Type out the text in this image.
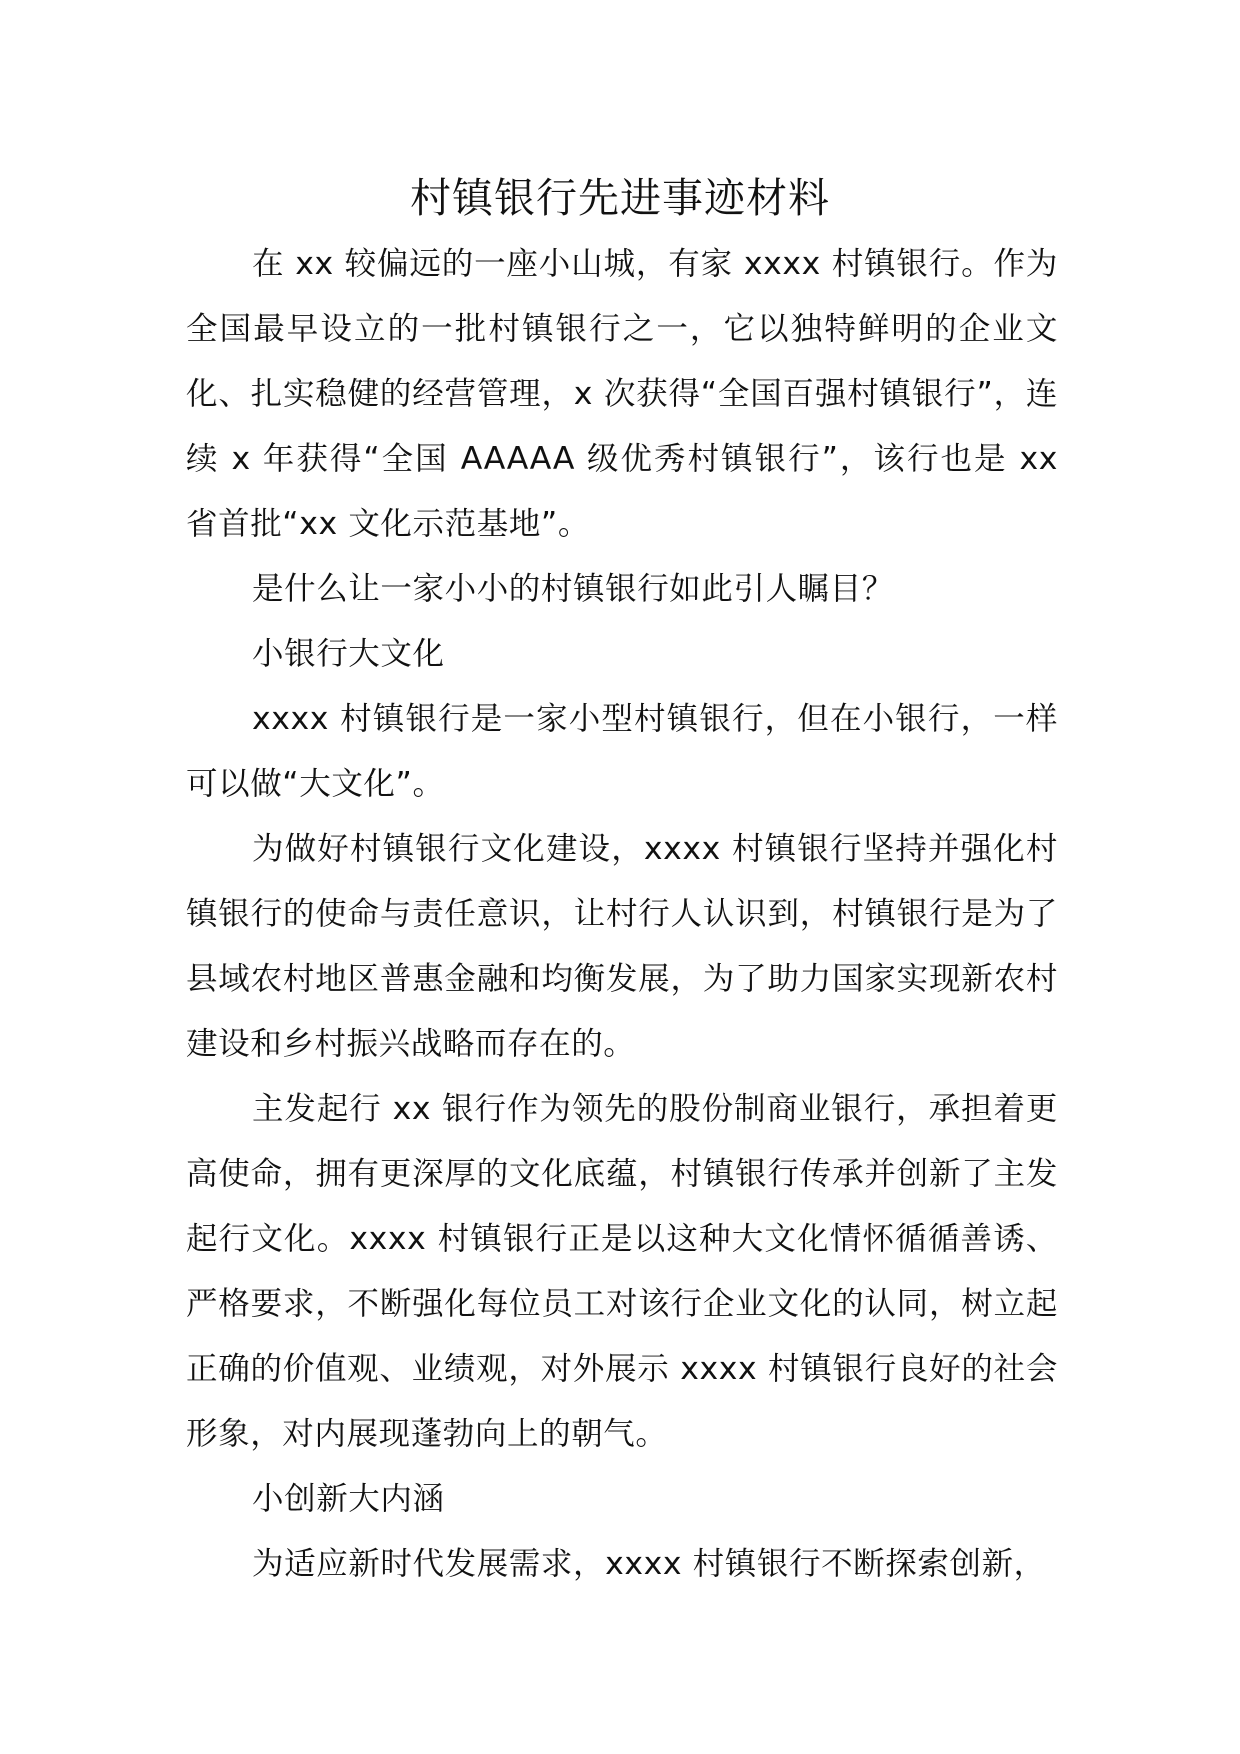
村镇银行先进事迹材料

在 xx 较偏远的一座小山城，有家 xxxx 村镇银行。作为全国最早设立的一批村镇银行之一，它以独特鲜明的企业文化、扎实稳健的经营管理，x 次获得“全国百强村镇银行”，连续 x 年获得“全国 AAAAA 级优秀村镇银行”，该行也是 xx 省首批“xx 文化示范基地”。

是什么让一家小小的村镇银行如此引人瞩目？

小银行大文化

xxxx 村镇银行是一家小型村镇银行，但在小银行，一样可以做“大文化”。

为做好村镇银行文化建设，xxxx 村镇银行坚持并强化村镇银行的使命与责任意识，让村行人认识到，村镇银行是为了县域农村地区普惠金融和均衡发展，为了助力国家实现新农村建设和乡村振兴战略而存在的。

主发起行 xx 银行作为领先的股份制商业银行，承担着更高使命，拥有更深厚的文化底蕴，村镇银行传承并创新了主发起行文化。xxxx 村镇银行正是以这种大文化情怀循循善诱、严格要求，不断强化每位员工对该行企业文化的认同，树立起正确的价值观、业绩观，对外展示 xxxx 村镇银行良好的社会形象，对内展现蓬勃向上的朝气。

小创新大内涵

为适应新时代发展需求，xxxx 村镇银行不断探索创新，
